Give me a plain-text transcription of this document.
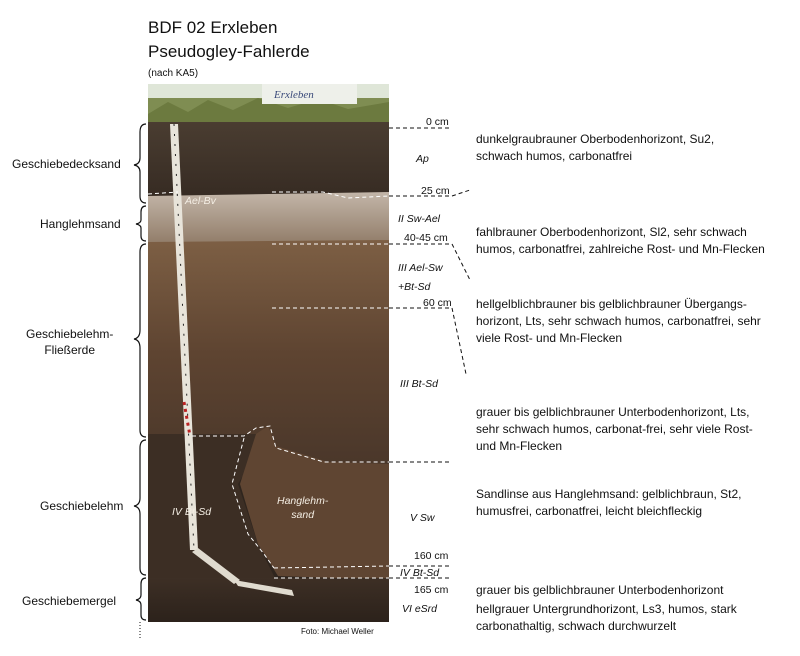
BDF 02 Erxleben
Pseudogley-Fahlerde
(nach KA5)
Erxleben
Ael-Bv
IV Bt-Sd
Hanglehm-
sand
Geschiebedecksand
Hanglehmsand
Geschiebelehm-
Fließerde
Geschiebelehm
Geschiebemergel
0 cm
25 cm
40-45 cm
60 cm
160 cm
165 cm
Ap
II Sw-Ael
III Ael-Sw
+Bt-Sd
III Bt-Sd
V Sw
IV Bt-Sd
VI eSrd
dunkelgraubrauner Oberbodenhorizont, Su2,
schwach humos, carbonatfrei
fahlbrauner Oberbodenhorizont, Sl2, sehr schwach
humos, carbonatfrei, zahlreiche Rost- und Mn-Flecken
hellgelblichbrauner bis gelblichbrauner Übergangs-
horizont, Lts, sehr schwach humos, carbonatfrei, sehr
viele Rost- und Mn-Flecken
grauer bis gelblichbrauner Unterbodenhorizont, Lts,
sehr schwach humos, carbonat-frei, sehr viele Rost-
und Mn-Flecken
Sandlinse aus Hanglehmsand: gelblichbraun, St2,
humusfrei, carbonatfrei, leicht bleichfleckig
grauer bis gelblichbrauner Unterbodenhorizont
hellgrauer Untergrundhorizont, Ls3, humos, stark
carbonathaltig, schwach durchwurzelt
Foto: Michael Weller
